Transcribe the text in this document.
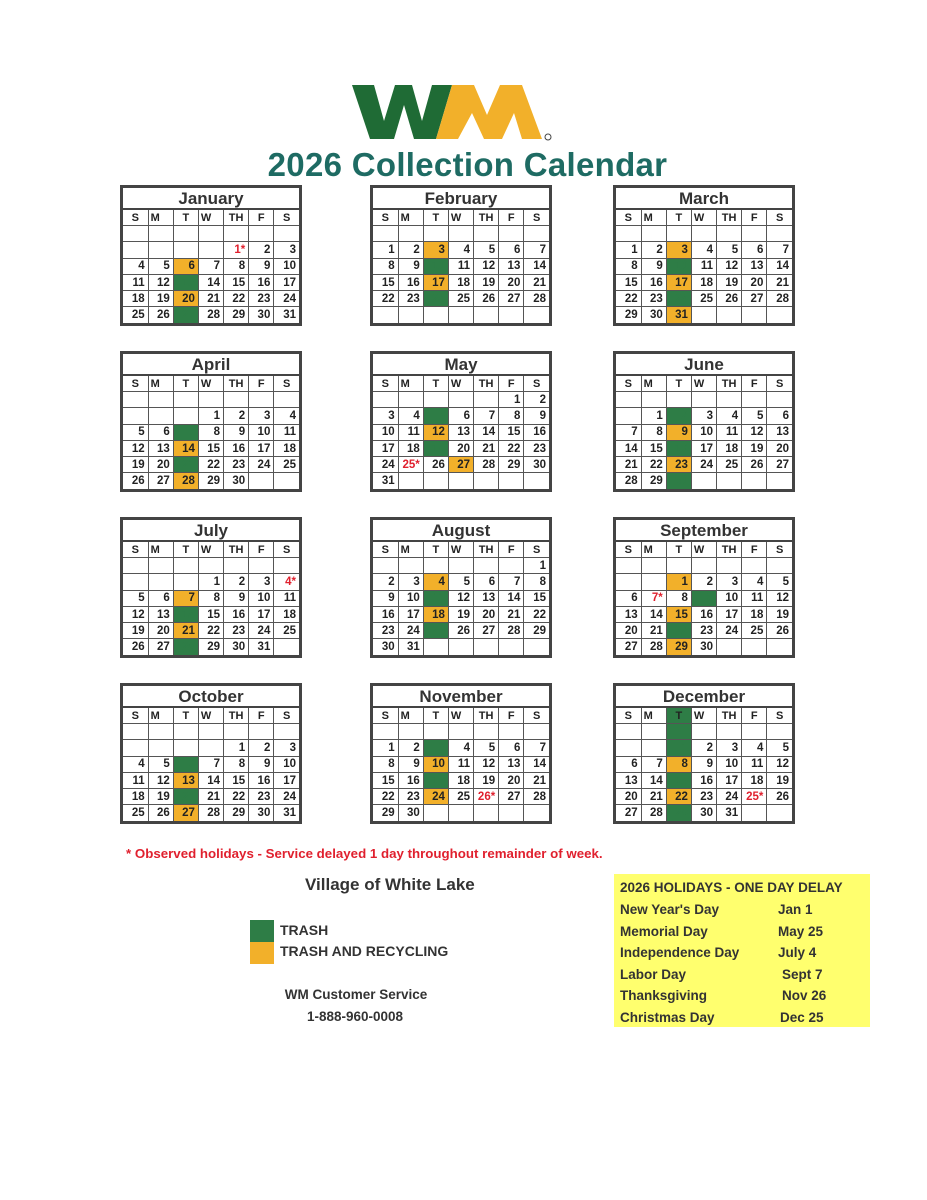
2026 Collection Calendar
January
S	M	T	W	TH	F	S

				1*	2	3
4	5	6	7	8	9	10
11	12	13	14	15	16	17
18	19	20	21	22	23	24
25	26	27	28	29	30	31
February
S	M	T	W	TH	F	S

1	2	3	4	5	6	7
8	9	10	11	12	13	14
15	16	17	18	19	20	21
22	23	24	25	26	27	28

March
S	M	T	W	TH	F	S

1	2	3	4	5	6	7
8	9	10	11	12	13	14
15	16	17	18	19	20	21
22	23	24	25	26	27	28
29	30	31				
April
S	M	T	W	TH	F	S

			1	2	3	4
5	6	7	8	9	10	11
12	13	14	15	16	17	18
19	20	21	22	23	24	25
26	27	28	29	30		
May
S	M	T	W	TH	F	S
					1	2
3	4	5	6	7	8	9
10	11	12	13	14	15	16
17	18	19	20	21	22	23
24	25*	26	27	28	29	30
31						
June
S	M	T	W	TH	F	S

	1	2	3	4	5	6
7	8	9	10	11	12	13
14	15	16	17	18	19	20
21	22	23	24	25	26	27
28	29	30				
July
S	M	T	W	TH	F	S

			1	2	3	4*
5	6	7	8	9	10	11
12	13	14	15	16	17	18
19	20	21	22	23	24	25
26	27	28	29	30	31	
August
S	M	T	W	TH	F	S
						1
2	3	4	5	6	7	8
9	10	11	12	13	14	15
16	17	18	19	20	21	22
23	24	25	26	27	28	29
30	31					
September
S	M	T	W	TH	F	S

		1	2	3	4	5
6	7*	8	9	10	11	12
13	14	15	16	17	18	19
20	21	22	23	24	25	26
27	28	29	30			
October
S	M	T	W	TH	F	S

				1	2	3
4	5	6	7	8	9	10
11	12	13	14	15	16	17
18	19	20	21	22	23	24
25	26	27	28	29	30	31
November
S	M	T	W	TH	F	S

1	2	3	4	5	6	7
8	9	10	11	12	13	14
15	16	17	18	19	20	21
22	23	24	25	26*	27	28
29	30					
December
S	M	T	W	TH	F	S

		1	2	3	4	5
6	7	8	9	10	11	12
13	14	15	16	17	18	19
20	21	22	23	24	25*	26
27	28	29	30	31		
* Observed holidays - Service delayed 1 day throughout remainder of week.
Village of White Lake
TRASH
TRASH AND RECYCLING
WM Customer Service
1-888-960-0008
2026 HOLIDAYS - ONE DAY DELAY
New Year's Day	Jan 1
Memorial Day	May 25
Independence Day	July 4
Labor Day	Sept 7
Thanksgiving	Nov 26
Christmas Day	Dec 25
